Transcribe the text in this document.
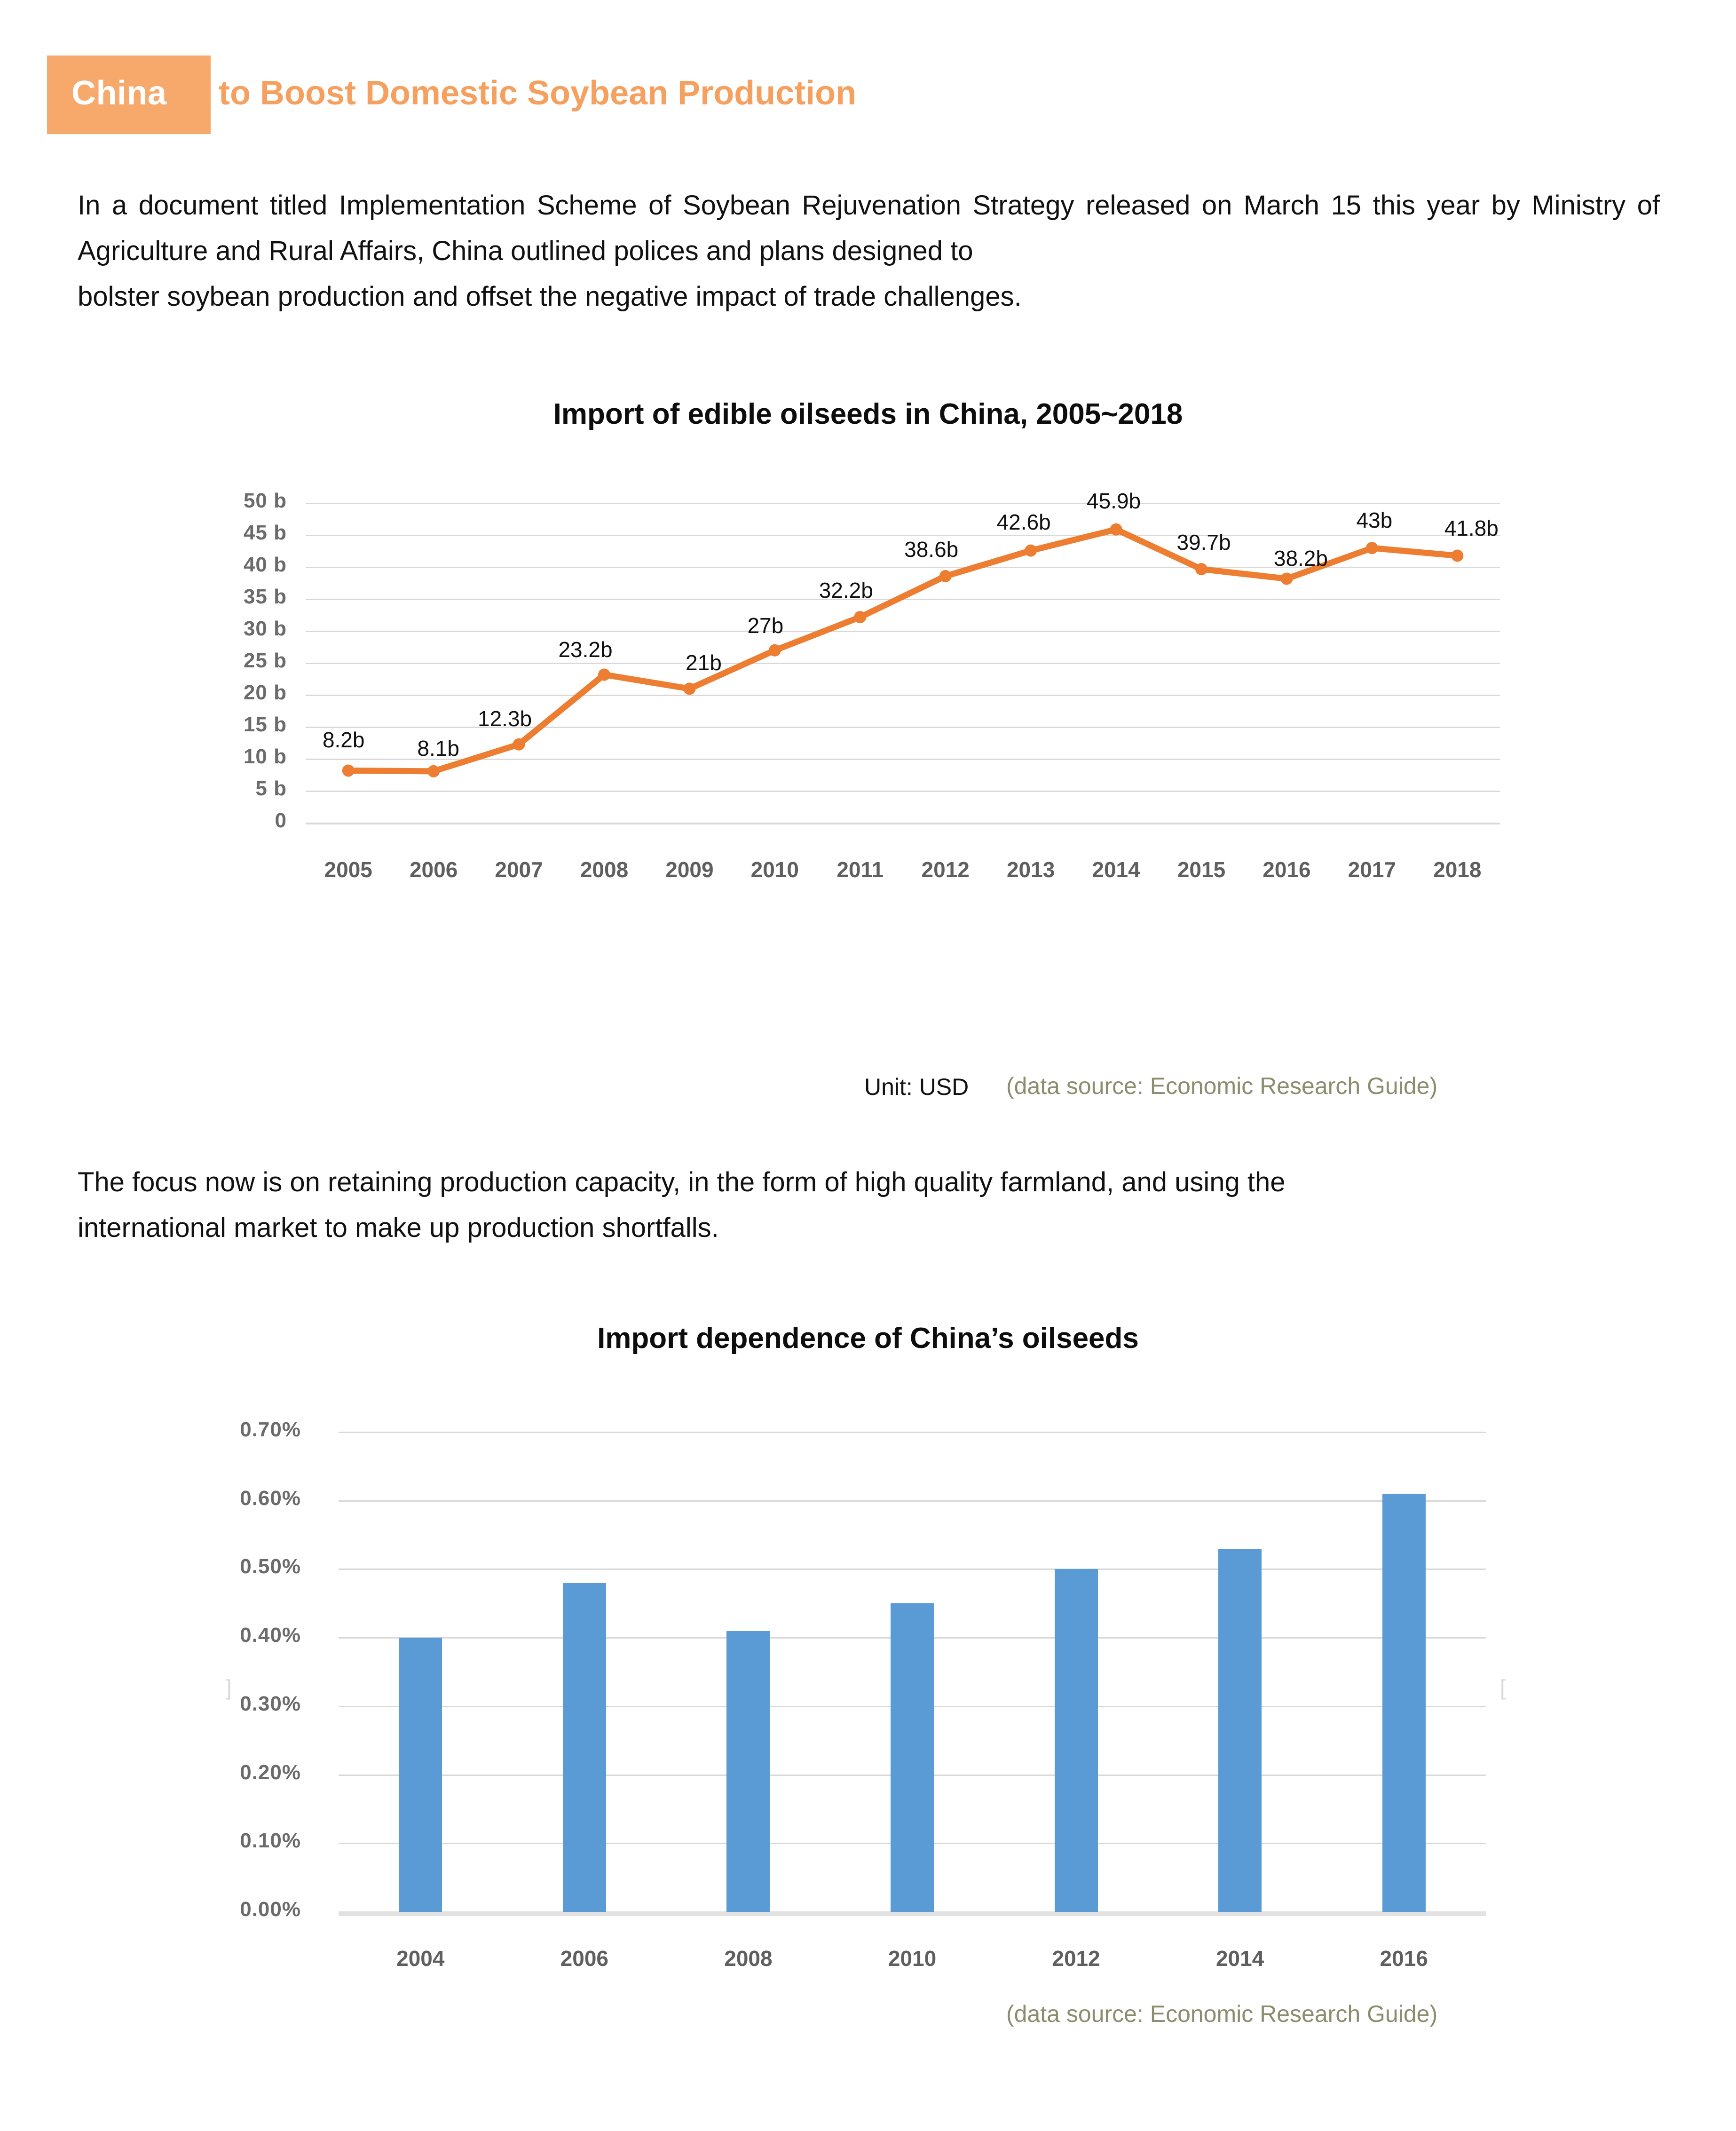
China to Boost Domestic Soybean Production
In a document titled Implementation Scheme of Soybean Rejuvenation Strategy released on March 15 this year by Ministry of Agriculture and Rural Affairs, China outlined polices and plans designed to
bolster soybean production and offset the negative impact of trade challenges.
Import of edible oilseeds in China, 2005~2018
50 b
45 b
40 b
35 b
30 b
25 b
20 b
15 b
10 b
5 b
0
8.2b	8.1b
12.3b
23.2b
21b
27b
32.2b
38.6b
42.6b
45.9b
39.7b
38.2b
43b	41.8b
2005	2006	2007	2008	2009	2010	2011	2012	2013	2014	2015	2016	2017	2018
Unit: USD (data source: Economic Research Guide)
The focus now is on retaining production capacity, in the form of high quality farmland, and using the
international market to make up production shortfalls.
Import dependence of China’s oilseeds
0.70%
0.60%
0.50%
0.40%
0.30%
0.20%
0.10%
0.00%
2004	2006	2008	2010	2012	2014	2016
]	[
(data source: Economic Research Guide)
